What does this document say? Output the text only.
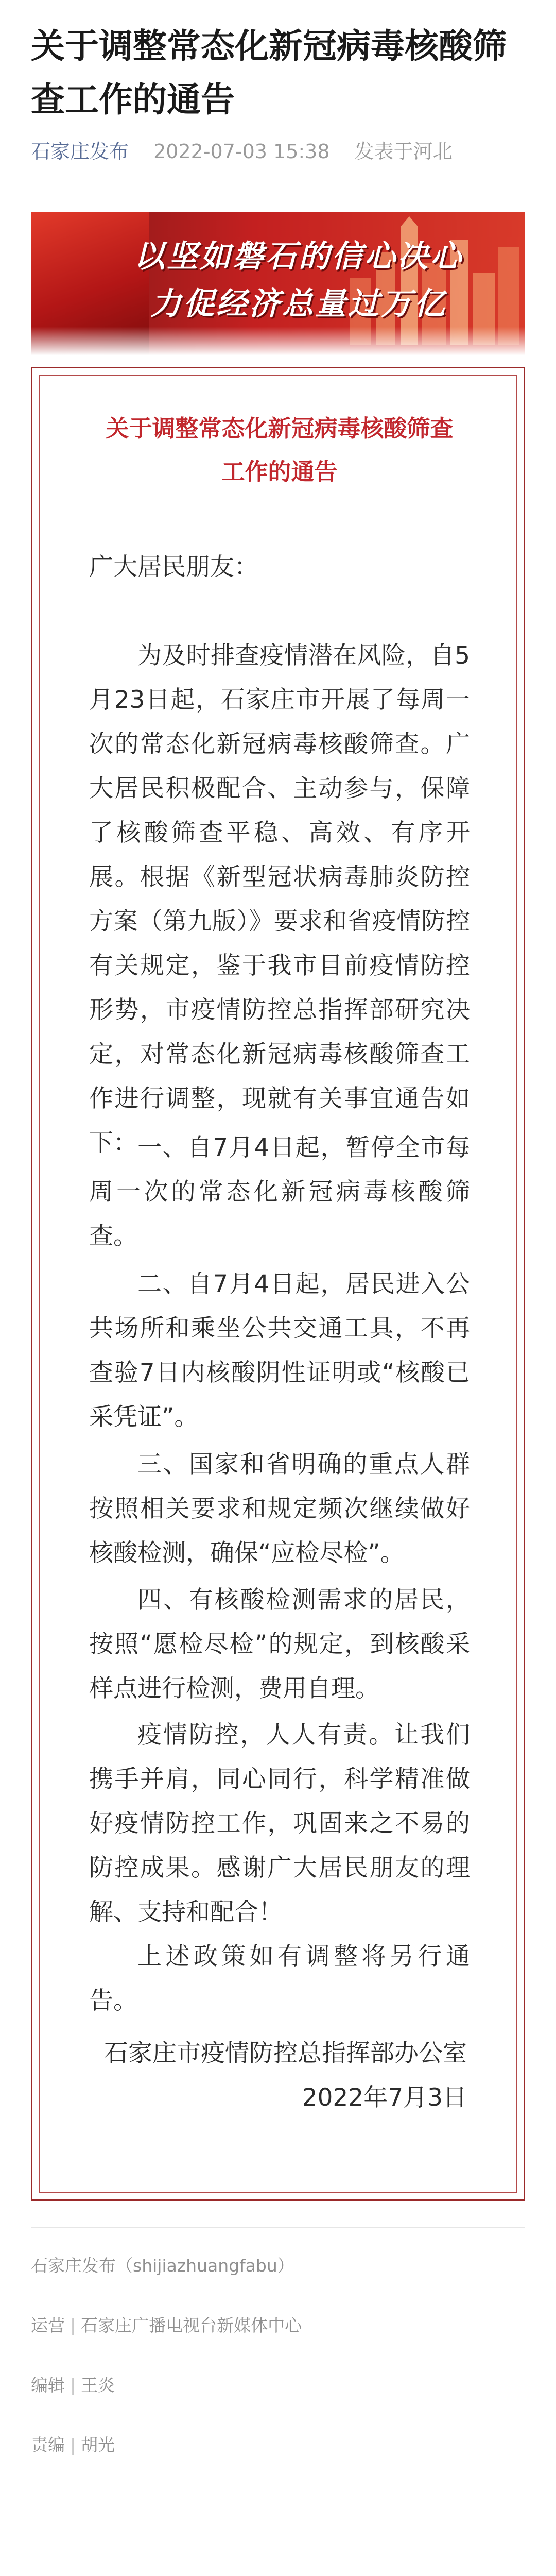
关于调整常态化新冠病毒核酸筛查工作的通告
石家庄发布 2022-07-03 15:38 发表于河北
以坚如磐石的信心决心
力促经济总量过万亿
关于调整常态化新冠病毒核酸筛查工作的通告

广大居民朋友：

为及时排查疫情潜在风险，自5月23日起，石家庄市开展了每周一次的常态化新冠病毒核酸筛查。广大居民积极配合、主动参与，保障了核酸筛查平稳、高效、有序开展。根据《新型冠状病毒肺炎防控方案（第九版）》要求和省疫情防控有关规定，鉴于我市目前疫情防控形势，市疫情防控总指挥部研究决定，对常态化新冠病毒核酸筛查工作进行调整，现就有关事宜通告如下： 一、自7月4日起，暂停全市每周一次的常态化新冠病毒核酸筛查。

二、自7月4日起，居民进入公共场所和乘坐公共交通工具，不再查验7日内核酸阴性证明或“核酸已采凭证”。

三、国家和省明确的重点人群按照相关要求和规定频次继续做好核酸检测，确保“应检尽检”。

四、有核酸检测需求的居民，按照“愿检尽检”的规定，到核酸采样点进行检测，费用自理。

疫情防控，人人有责。让我们携手并肩，同心同行，科学精准做好疫情防控工作，巩固来之不易的防控成果。感谢广大居民朋友的理解、支持和配合！

上述政策如有调整将另行通告。

石家庄市疫情防控总指挥部办公室

2022年7月3日

石家庄发布（shijiazhuangfabu）
运营 | 石家庄广播电视台新媒体中心
编辑 | 王炎
责编 | 胡光
